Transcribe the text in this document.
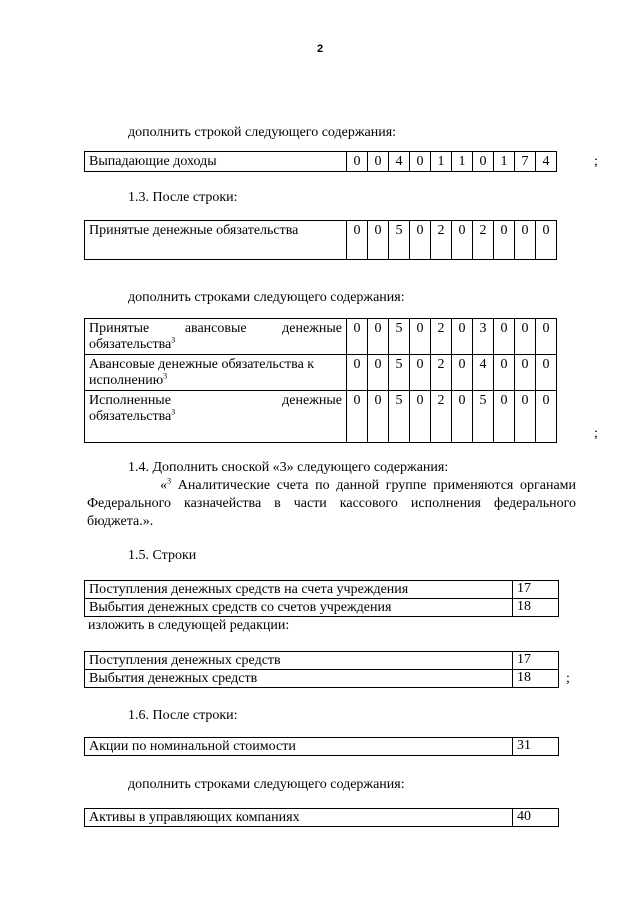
2
дополнить строкой следующего содержания:
Выпадающие доходы	0	0	4	0	1	1	0	1	7	4	;
1.3. После строки:
Принятые денежные обязательства	0	0	5	0	2	0	2	0	0	0
дополнить строками следующего содержания:
Принятые авансовые денежные
обязательства$^3$	0	0	5	0	2	0	3	0	0	0

Авансовые денежные обязательства к
исполнению$^3$	0	0	5	0	2	0	4	0	0	0

Исполненные денежные
обязательства$^3$	0	0	5	0	2	0	5	0	0	0
;
1.4. Дополнить сноской «3» следующего содержания:
«$^3$ Аналитические счета по данной группе применяются органами Федерального казначейства в части кассового исполнения федерального бюджета.».
1.5. Строки
Поступления денежных средств на счета учреждения	17
Выбытия денежных средств со счетов учреждения	18
изложить в следующей редакции:
Поступления денежных средств	17
Выбытия денежных средств	18	;
1.6. После строки:
Акции по номинальной стоимости	31
дополнить строками следующего содержания:
Активы в управляющих компаниях	40
